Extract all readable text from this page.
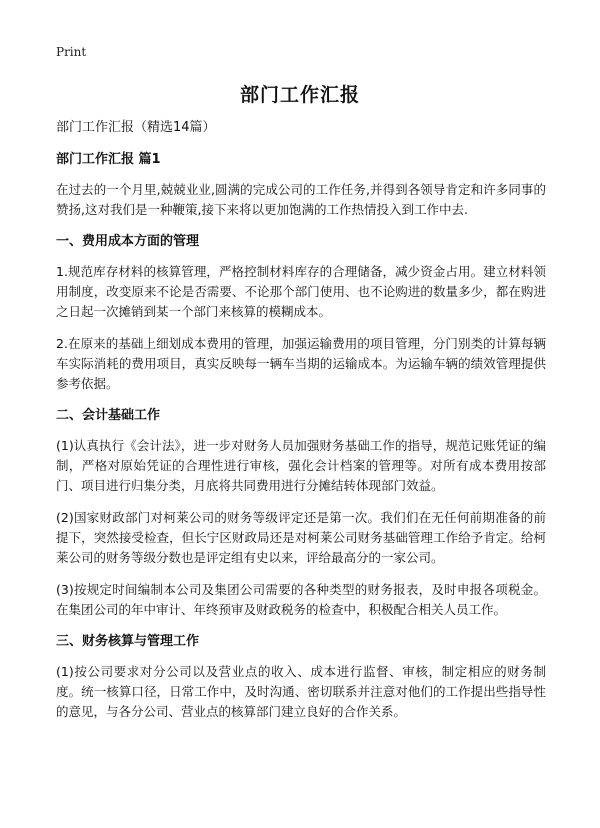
Print
部门工作汇报

部门工作汇报（精选14篇）

部门工作汇报 篇1

在过去的一个月里,兢兢业业,圆满的完成公司的工作任务,并得到各领导肯定和许多同事的赞扬,这对我们是一种鞭策,接下来将以更加饱满的工作热情投入到工作中去.

一、费用成本方面的管理

1.规范库存材料的核算管理，严格控制材料库存的合理储备，减少资金占用。建立材料领用制度，改变原来不论是否需要、不论那个部门使用、也不论购进的数量多少，都在购进之日起一次摊销到某一个部门来核算的模糊成本。

2.在原来的基础上细划成本费用的管理，加强运输费用的项目管理，分门别类的计算每辆车实际消耗的费用项目，真实反映每一辆车当期的运输成本。为运输车辆的绩效管理提供参考依据。

二、会计基础工作

(1)认真执行《会计法》，进一步对财务人员加强财务基础工作的指导，规范记账凭证的编制，严格对原始凭证的合理性进行审核，强化会计档案的管理等。对所有成本费用按部门、项目进行归集分类，月底将共同费用进行分摊结转体现部门效益。

(2)国家财政部门对柯莱公司的财务等级评定还是第一次。我们们在无任何前期准备的前提下，突然接受检查，但长宁区财政局还是对柯莱公司财务基础管理工作给予肯定。给柯莱公司的财务等级分数也是评定组有史以来，评给最高分的一家公司。

(3)按规定时间编制本公司及集团公司需要的各种类型的财务报表，及时申报各项税金。在集团公司的年中审计、年终预审及财政税务的检查中，积极配合相关人员工作。

三、财务核算与管理工作

(1)按公司要求对分公司以及营业点的收入、成本进行监督、审核，制定相应的财务制度。统一核算口径，日常工作中，及时沟通、密切联系并注意对他们的工作提出些指导性的意见，与各分公司、营业点的核算部门建立良好的合作关系。
